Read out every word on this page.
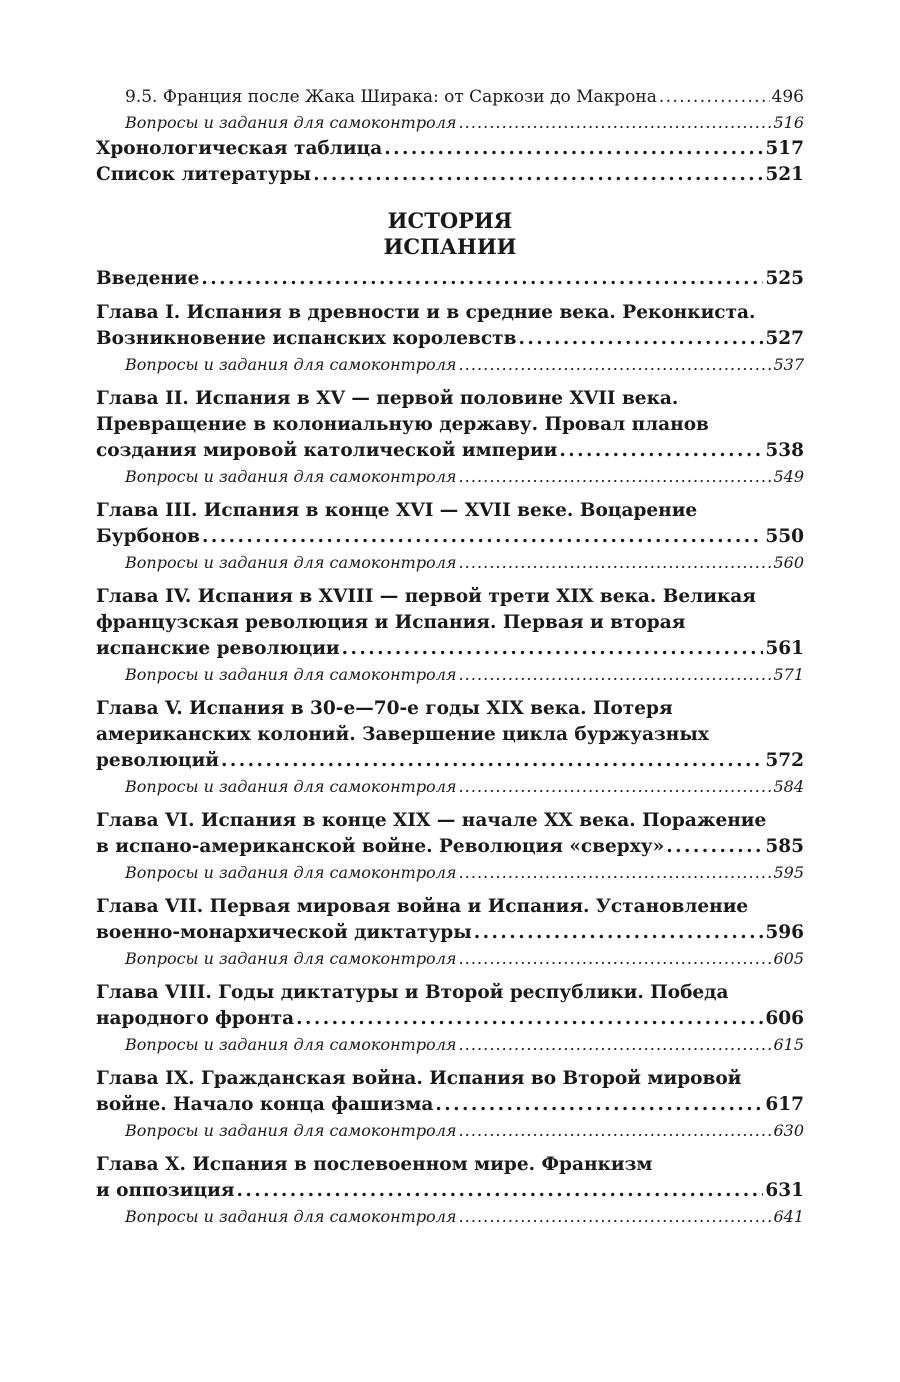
9.5. Франция после Жака Ширака: от Саркози до Макрона . . .	496
Вопросы и задания для самоконтроля . . .	516
Хронологическая таблица . . .	517
Список литературы . . .	521
ИСТОРИЯ
ИСПАНИИ
Введение . . .	525
Глава I. Испания в древности и в средние века. Реконкиста.
Возникновение испанских королевств . . .	527
Вопросы и задания для самоконтроля . . .	537
Глава II. Испания в XV — первой половине XVII века.
Превращение в колониальную державу. Провал планов
создания мировой католической империи . . .	538
Вопросы и задания для самоконтроля . . .	549
Глава III. Испания в конце XVI — XVII веке. Воцарение
Бурбонов . . .	550
Вопросы и задания для самоконтроля . . .	560
Глава IV. Испания в XVIII — первой трети XIX века. Великая
французская революция и Испания. Первая и вторая
испанские революции . . .	561
Вопросы и задания для самоконтроля . . .	571
Глава V. Испания в 30-е—70-е годы XIX века. Потеря
американских колоний. Завершение цикла буржуазных
революций . . .	572
Вопросы и задания для самоконтроля . . .	584
Глава VI. Испания в конце XIX — начале XX века. Поражение
в испано-американской войне. Революция «сверху» . . .	585
Вопросы и задания для самоконтроля . . .	595
Глава VII. Первая мировая война и Испания. Установление
военно-монархической диктатуры . . .	596
Вопросы и задания для самоконтроля . . .	605
Глава VIII. Годы диктатуры и Второй республики. Победа
народного фронта . . .	606
Вопросы и задания для самоконтроля . . .	615
Глава IX. Гражданская война. Испания во Второй мировой
войне. Начало конца фашизма . . .	617
Вопросы и задания для самоконтроля . . .	630
Глава X. Испания в послевоенном мире. Франкизм
и оппозиция . . .	631
Вопросы и задания для самоконтроля . . .	641
